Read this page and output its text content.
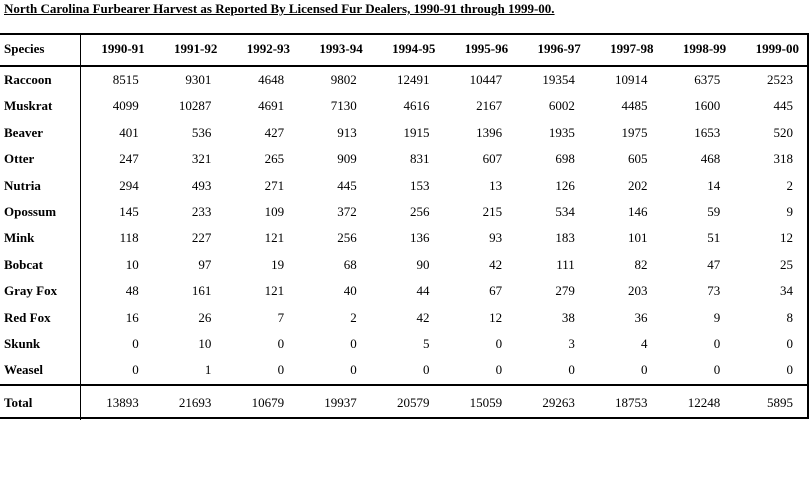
North Carolina Furbearer Harvest as Reported By Licensed Fur Dealers, 1990-91 through 1999-00.
Species	1990-91	1991-92	1992-93	1993-94	1994-95	1995-96	1996-97	1997-98	1998-99	1999-00
Raccoon	8515	9301	4648	9802	12491	10447	19354	10914	6375	2523
Muskrat	4099	10287	4691	7130	4616	2167	6002	4485	1600	445
Beaver	401	536	427	913	1915	1396	1935	1975	1653	520
Otter	247	321	265	909	831	607	698	605	468	318
Nutria	294	493	271	445	153	13	126	202	14	2
Opossum	145	233	109	372	256	215	534	146	59	9
Mink	118	227	121	256	136	93	183	101	51	12
Bobcat	10	97	19	68	90	42	111	82	47	25
Gray Fox	48	161	121	40	44	67	279	203	73	34
Red Fox	16	26	7	2	42	12	38	36	9	8
Skunk	0	10	0	0	5	0	3	4	0	0
Weasel	0	1	0	0	0	0	0	0	0	0
Total	13893	21693	10679	19937	20579	15059	29263	18753	12248	5895
